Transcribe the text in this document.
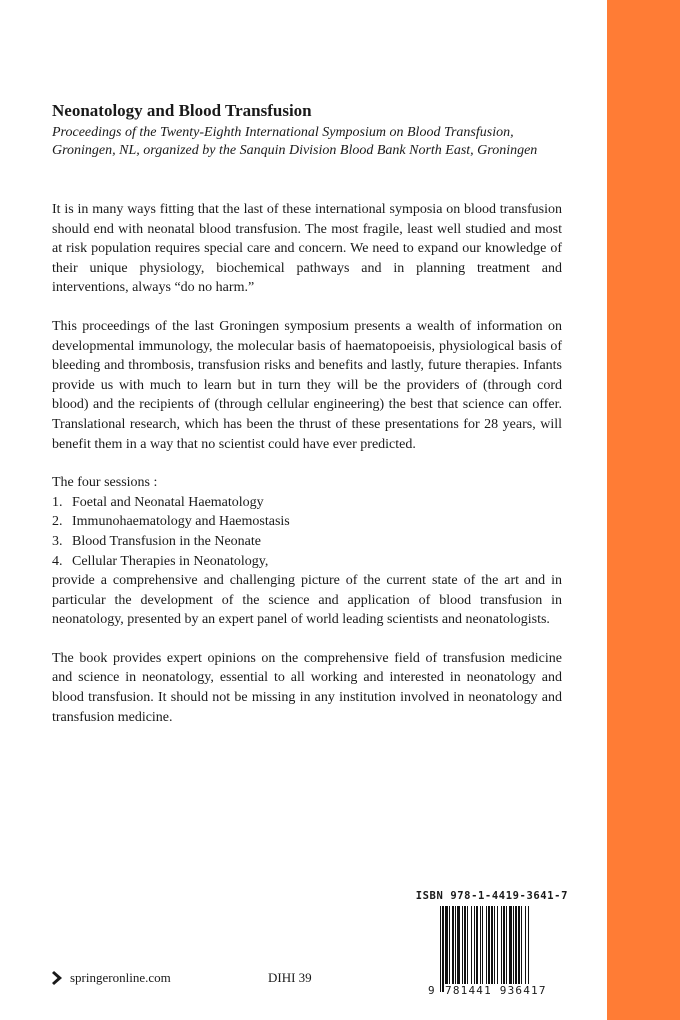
Neonatology and Blood Transfusion

Proceedings of the Twenty-Eighth International Symposium on Blood Transfusion,
Groningen, NL, organized by the Sanquin Division Blood Bank North East, Groningen

It is in many ways fitting that the last of these international symposia on blood transfusion should end with neonatal blood transfusion. The most fragile, least well studied and most at risk population requires special care and concern. We need to expand our knowledge of their unique physiology, biochemical pathways and in planning treatment and interventions, always “do no harm.”

This proceedings of the last Groningen symposium presents a wealth of information on developmental immunology, the molecular basis of haematopoeisis, physiological basis of bleeding and thrombosis, transfusion risks and benefits and lastly, future therapies. Infants provide us with much to learn but in turn they will be the providers of (through cord blood) and the recipients of (through cellular engineering) the best that science can offer. Translational research, which has been the thrust of these presentations for 28 years, will benefit them in a way that no scientist could have ever predicted.

The four sessions :
1. Foetal and Neonatal Haematology
2. Immunohaematology and Haemostasis
3. Blood Transfusion in the Neonate
4. Cellular Therapies in Neonatology,

provide a comprehensive and challenging picture of the current state of the art and in particular the development of the science and application of blood transfusion in neonatology, presented by an expert panel of world leading scientists and neonatologists.

The book provides expert opinions on the comprehensive field of transfusion medicine and science in neonatology, essential to all working and interested in neonatology and blood transfusion. It should not be missing in any institution involved in neonatology and transfusion medicine.

springeronline.com	DIHI 39
ISBN 978-1-4419-3641-7
9 781441 936417
